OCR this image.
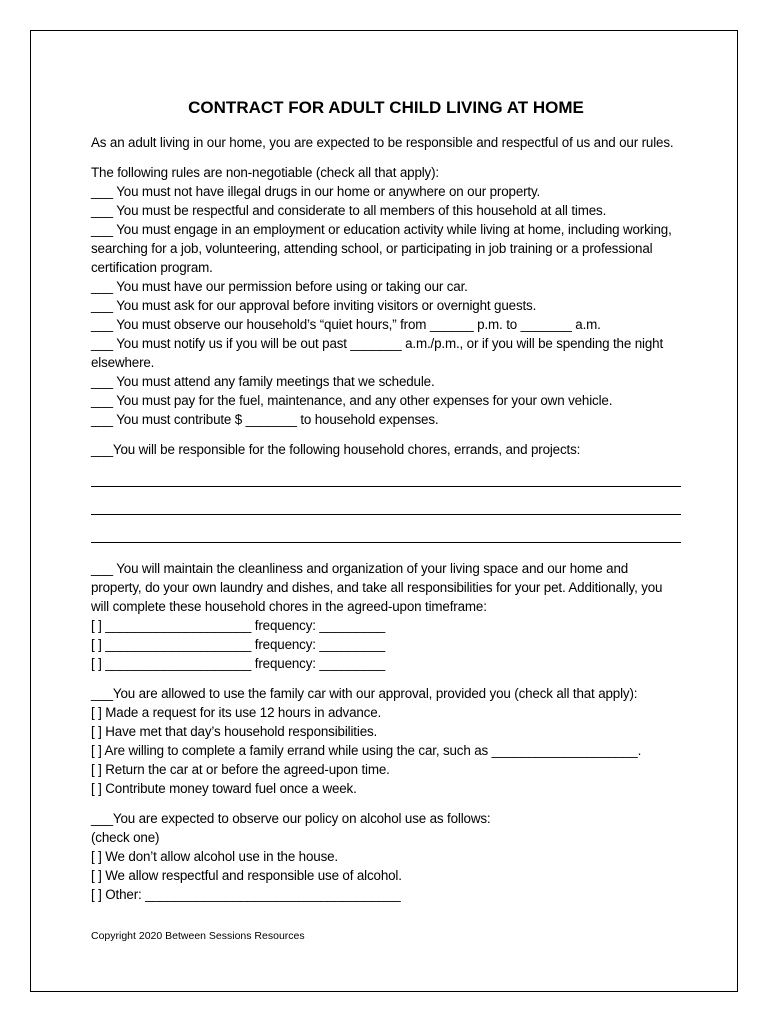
CONTRACT FOR ADULT CHILD LIVING AT HOME
As an adult living in our home, you are expected to be responsible and respectful of us and our rules.
The following rules are non-negotiable (check all that apply):
___ You must not have illegal drugs in our home or anywhere on our property.
___ You must be respectful and considerate to all members of this household at all times.
___ You must engage in an employment or education activity while living at home, including working, searching for a job, volunteering, attending school, or participating in job training or a professional certification program.
___ You must have our permission before using or taking our car.
___ You must ask for our approval before inviting visitors or overnight guests.
___ You must observe our household’s “quiet hours,” from ______ p.m. to _______ a.m.
___ You must notify us if you will be out past _______ a.m./p.m., or if you will be spending the night elsewhere.
___ You must attend any family meetings that we schedule.
___ You must pay for the fuel, maintenance, and any other expenses for your own vehicle.
___ You must contribute $ _______ to household expenses.
___You will be responsible for the following household chores, errands, and projects:
___ You will maintain the cleanliness and organization of your living space and our home and property, do your own laundry and dishes, and take all responsibilities for your pet. Additionally, you will complete these household chores in the agreed-upon timeframe:
[ ] ____________________ frequency: _________
[ ] ____________________ frequency: _________
[ ] ____________________ frequency: _________
___You are allowed to use the family car with our approval, provided you (check all that apply):
[ ] Made a request for its use 12 hours in advance.
[ ] Have met that day’s household responsibilities.
[ ] Are willing to complete a family errand while using the car, such as ____________________.
[ ] Return the car at or before the agreed-upon time.
[ ] Contribute money toward fuel once a week.
___You are expected to observe our policy on alcohol use as follows:
(check one)
[ ] We don’t allow alcohol use in the house.
[ ] We allow respectful and responsible use of alcohol.
[ ] Other: ___________________________________
Copyright 2020 Between Sessions Resources
